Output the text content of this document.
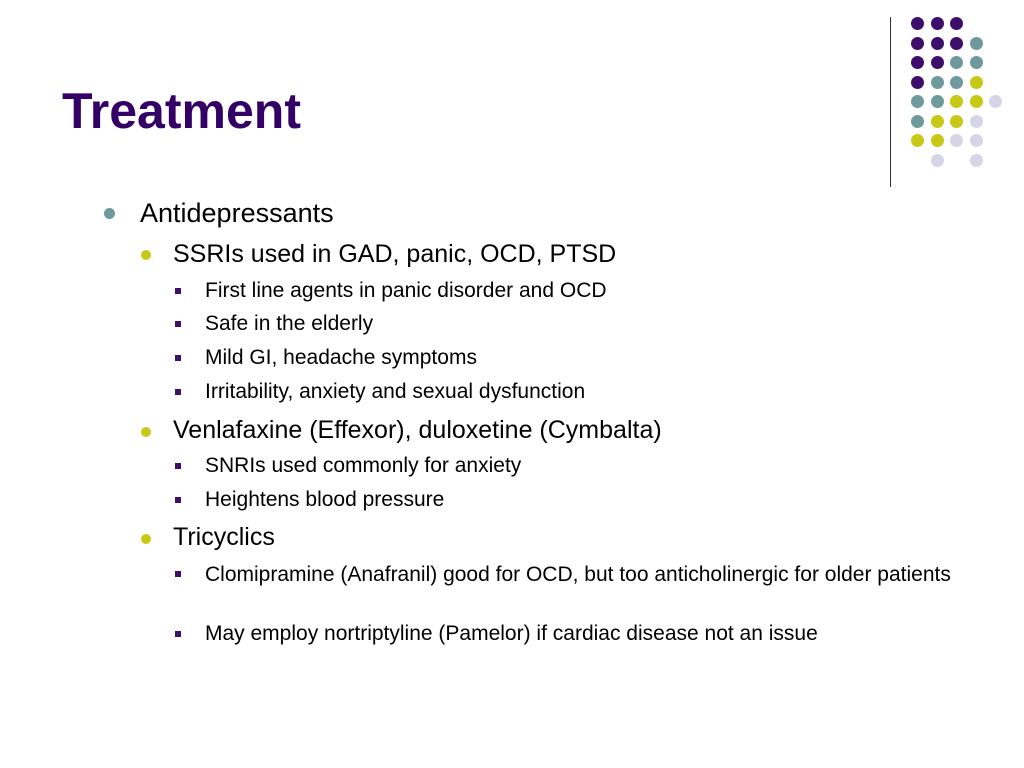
Treatment
Antidepressants
SSRIs used in GAD, panic, OCD, PTSD
First line agents in panic disorder and OCD
Safe in the elderly
Mild GI, headache symptoms
Irritability, anxiety and sexual dysfunction
Venlafaxine (Effexor), duloxetine (Cymbalta)
SNRIs used commonly for anxiety
Heightens blood pressure
Tricyclics
Clomipramine (Anafranil) good for OCD, but too anticholinergic for older patients
May employ nortriptyline (Pamelor) if cardiac disease not an issue
